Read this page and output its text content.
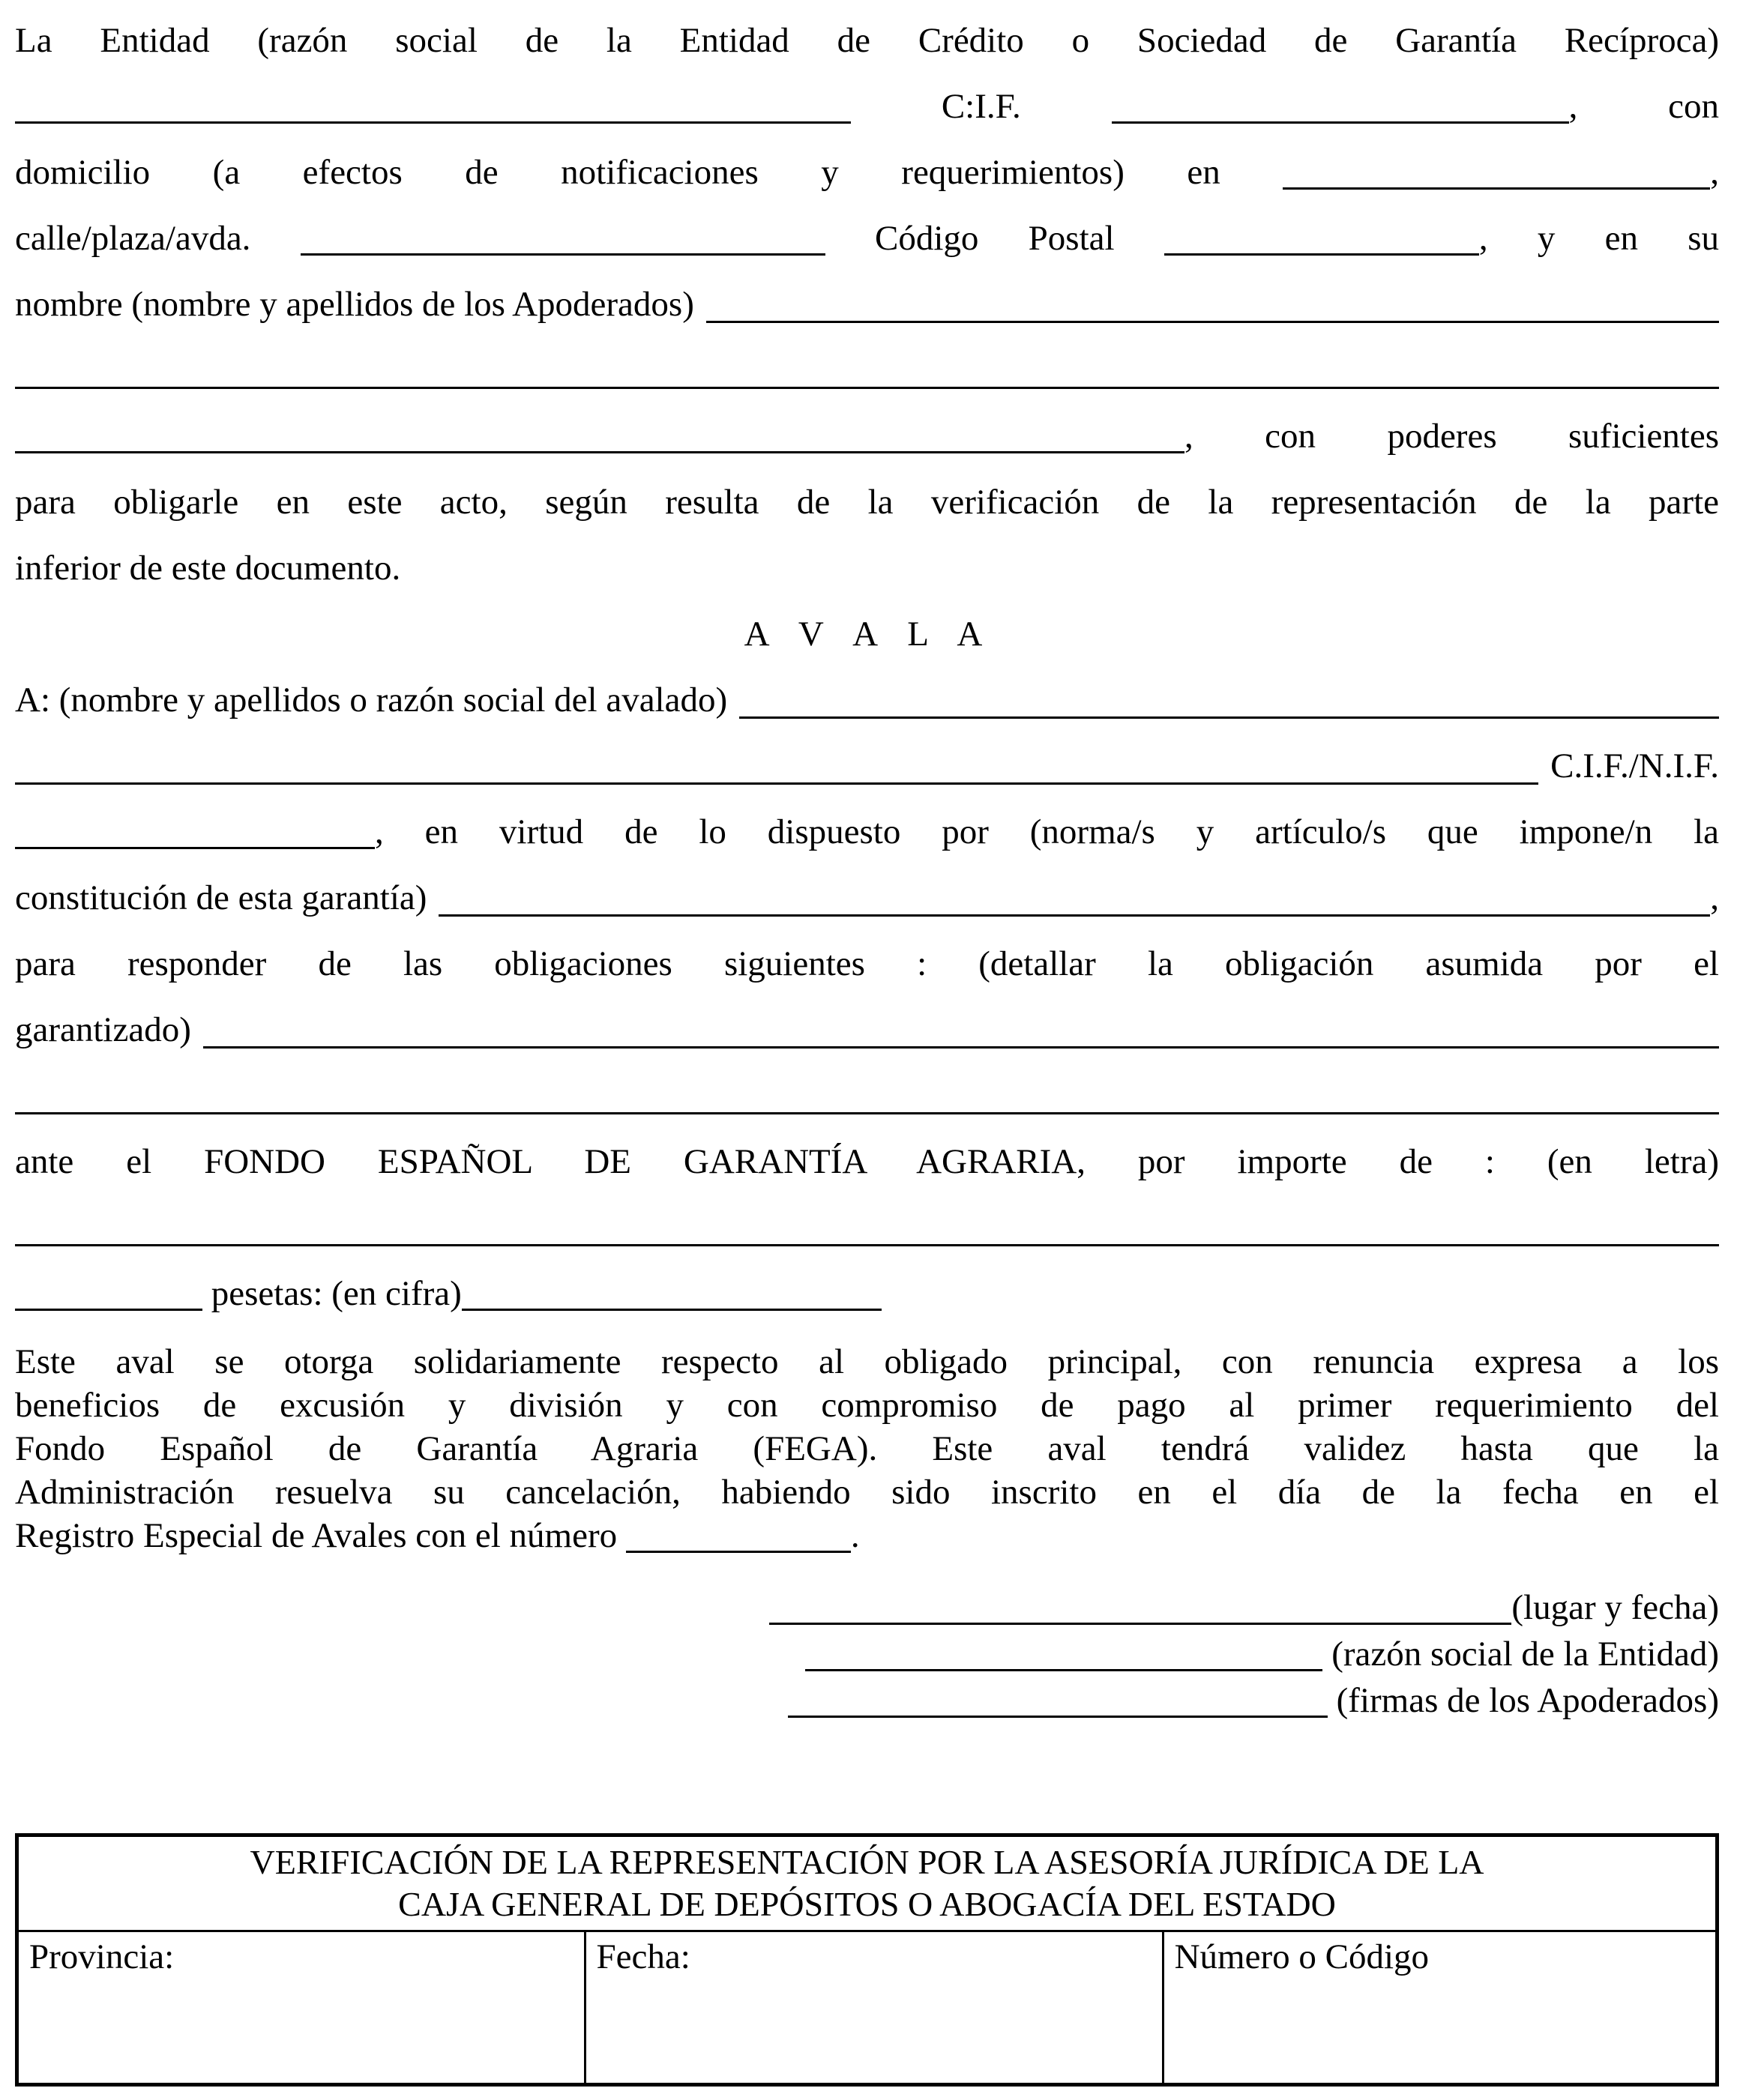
La Entidad (razón social de la Entidad de Crédito o Sociedad de Garantía Recíproca)
C:I.F.	,	con
domicilio (a efectos de notificaciones y requerimientos) en	,
calle/plaza/avda.	Código Postal	, y en su
nombre (nombre y apellidos de los Apoderados)
, con poderes suficientes
para obligarle en este acto, según resulta de la verificación de la representación de la parte
inferior de este documento.
A V A L A
A: (nombre y apellidos o razón social del avalado)
C.I.F./N.I.F.
, en virtud de lo dispuesto por (norma/s y artículo/s que impone/n la
constitución de esta garantía)	,
para responder de las obligaciones siguientes : (detallar la obligación asumida por el
garantizado)
ante el FONDO ESPAÑOL DE GARANTÍA AGRARIA, por importe de : (en letra)
pesetas: (en cifra)
Este aval se otorga solidariamente respecto al obligado principal, con renuncia expresa a los
beneficios de excusión y división y con compromiso de pago al primer requerimiento del
Fondo Español de Garantía Agraria (FEGA). Este aval tendrá validez hasta que la
Administración resuelva su cancelación, habiendo sido inscrito en el día de la fecha en el
Registro Especial de Avales con el número	.
(lugar y fecha)
(razón social de la Entidad)
(firmas de los Apoderados)
VERIFICACIÓN DE LA REPRESENTACIÓN POR LA ASESORÍA JURÍDICA DE LA
CAJA GENERAL DE DEPÓSITOS O ABOGACÍA DEL ESTADO

Provincia:	Fecha:	Número o Código
